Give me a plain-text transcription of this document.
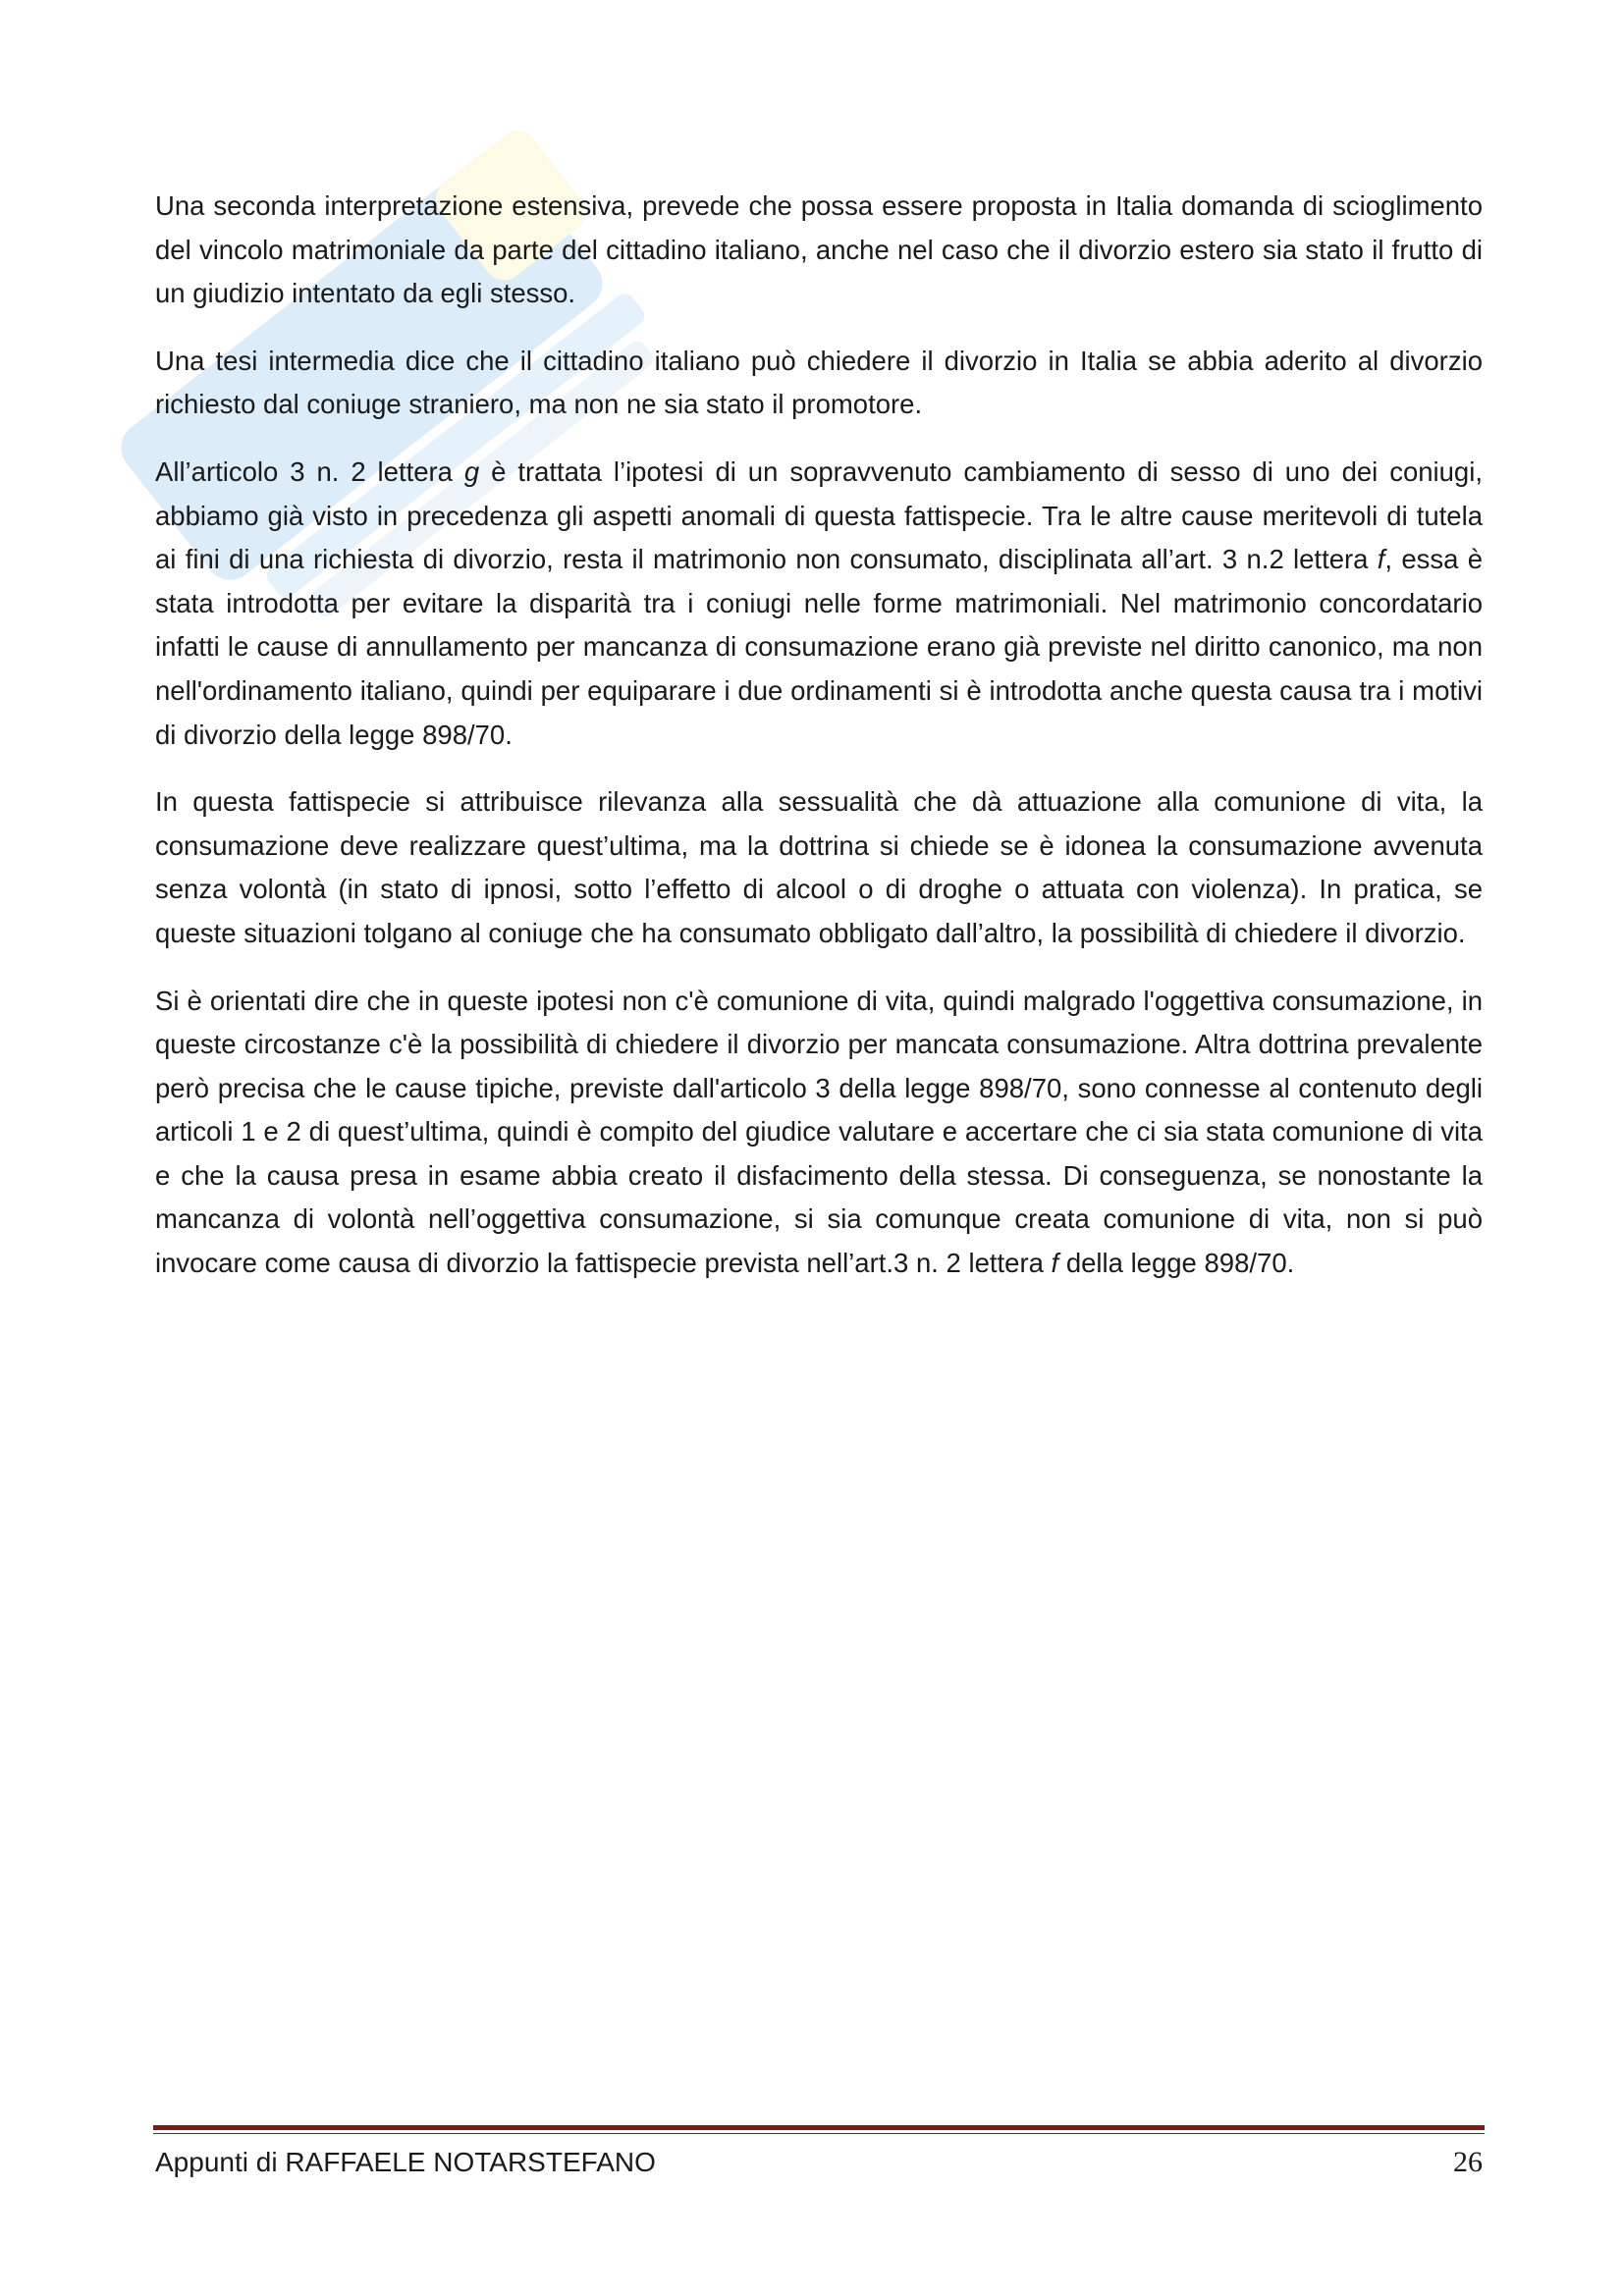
Una seconda interpretazione estensiva, prevede che possa essere proposta in Italia domanda di scioglimento del vincolo matrimoniale da parte del cittadino italiano, anche nel caso che il divorzio estero sia stato il frutto di un giudizio intentato da egli stesso.

Una tesi intermedia dice che il cittadino italiano può chiedere il divorzio in Italia se abbia aderito al divorzio richiesto dal coniuge straniero, ma non ne sia stato il promotore.

All’articolo 3 n. 2 lettera g è trattata l’ipotesi di un sopravvenuto cambiamento di sesso di uno dei coniugi, abbiamo già visto in precedenza gli aspetti anomali di questa fattispecie. Tra le altre cause meritevoli di tutela ai fini di una richiesta di divorzio, resta il matrimonio non consumato, disciplinata all’art. 3 n.2 lettera f, essa è stata introdotta per evitare la disparità tra i coniugi nelle forme matrimoniali. Nel matrimonio concordatario infatti le cause di annullamento per mancanza di consumazione erano già previste nel diritto canonico, ma non nell'ordinamento italiano, quindi per equiparare i due ordinamenti si è introdotta anche questa causa tra i motivi di divorzio della legge 898/70.

In questa fattispecie si attribuisce rilevanza alla sessualità che dà attuazione alla comunione di vita, la consumazione deve realizzare quest’ultima, ma la dottrina si chiede se è idonea la consumazione avvenuta senza volontà (in stato di ipnosi, sotto l’effetto di alcool o di droghe o attuata con violenza). In pratica, se queste situazioni tolgano al coniuge che ha consumato obbligato dall’altro, la possibilità di chiedere il divorzio.

Si è orientati dire che in queste ipotesi non c'è comunione di vita, quindi malgrado l'oggettiva consumazione, in queste circostanze c'è la possibilità di chiedere il divorzio per mancata consumazione. Altra dottrina prevalente però precisa che le cause tipiche, previste dall'articolo 3 della legge 898/70, sono connesse al contenuto degli articoli 1 e 2 di quest’ultima, quindi è compito del giudice valutare e accertare che ci sia stata comunione di vita e che la causa presa in esame abbia creato il disfacimento della stessa. Di conseguenza, se nonostante la mancanza di volontà nell’oggettiva consumazione, si sia comunque creata comunione di vita, non si può invocare come causa di divorzio la fattispecie prevista nell’art.3 n. 2 lettera f della legge 898/70.

Appunti di RAFFAELE NOTARSTEFANO	26
